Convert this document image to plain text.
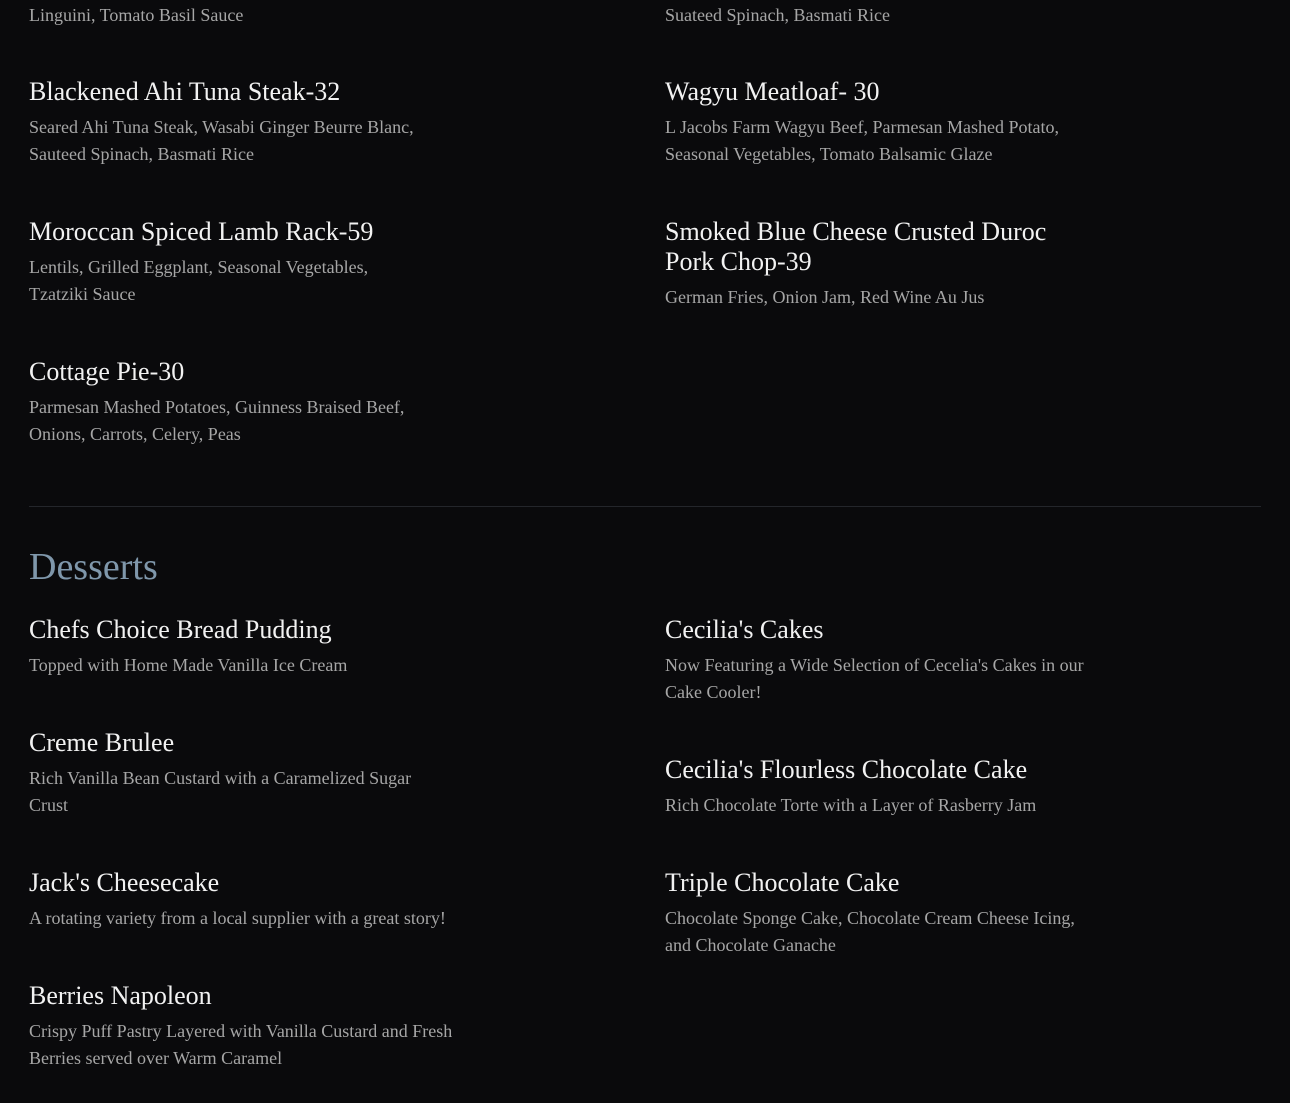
Linguini, Tomato Basil Sauce	Suateed Spinach, Basmati Rice

Blackened Ahi Tuna Steak-32

Seared Ahi Tuna Steak, Wasabi Ginger Beurre Blanc, Sauteed Spinach, Basmati Rice

Wagyu Meatloaf- 30

L Jacobs Farm Wagyu Beef, Parmesan Mashed Potato, Seasonal Vegetables, Tomato Balsamic Glaze

Moroccan Spiced Lamb Rack-59

Lentils, Grilled Eggplant, Seasonal Vegetables, Tzatziki Sauce

Smoked Blue Cheese Crusted Duroc Pork Chop-39

German Fries, Onion Jam, Red Wine Au Jus

Cottage Pie-30

Parmesan Mashed Potatoes, Guinness Braised Beef, Onions, Carrots, Celery, Peas

Desserts
Chefs Choice Bread Pudding

Topped with Home Made Vanilla Ice Cream

Cecilia's Cakes

Now Featuring a Wide Selection of Cecelia's Cakes in our Cake Cooler!

Creme Brulee

Rich Vanilla Bean Custard with a Caramelized Sugar Crust

Cecilia's Flourless Chocolate Cake

Rich Chocolate Torte with a Layer of Rasberry Jam

Jack's Cheesecake

A rotating variety from a local supplier with a great story!

Triple Chocolate Cake

Chocolate Sponge Cake, Chocolate Cream Cheese Icing, and Chocolate Ganache

Berries Napoleon

Crispy Puff Pastry Layered with Vanilla Custard and Fresh Berries served over Warm Caramel
